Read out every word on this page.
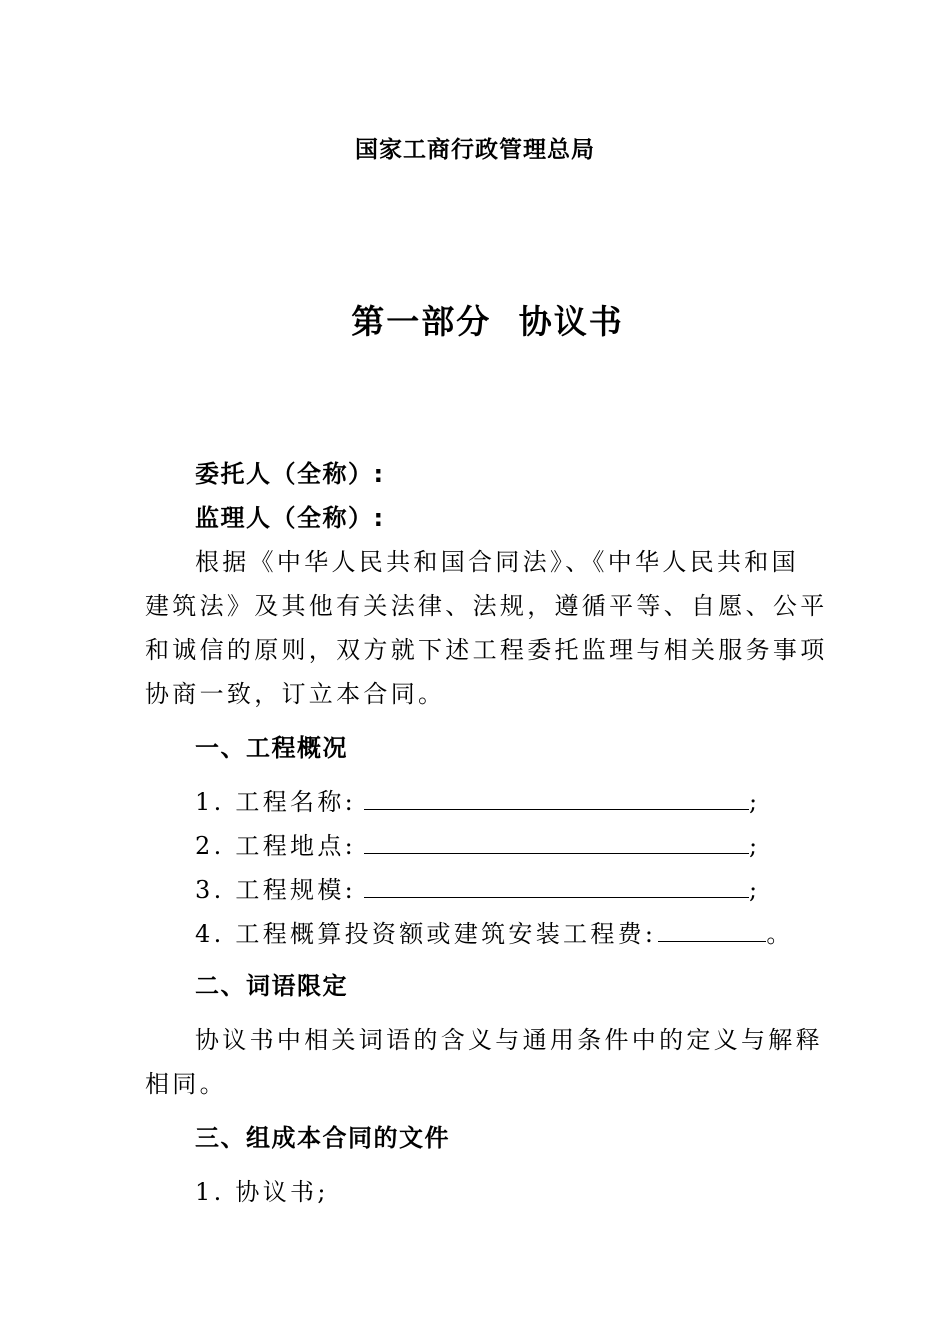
国家工商行政管理总局
第一部分 协议书
委托人（全称）:
监理人（全称）:
根据《中华人民共和国合同法》、《中华人民共和国
建筑法》及其他有关法律、法规，遵循平等、自愿、公平
和诚信的原则，双方就下述工程委托监理与相关服务事项
协商一致，订立本合同。
一、工程概况
1. 工程名称:	;
2. 工程地点:	;
3. 工程规模:	;
4. 工程概算投资额或建筑安装工程费:	。
二、词语限定
协议书中相关词语的含义与通用条件中的定义与解释
相同。
三、组成本合同的文件
1. 协议书;
